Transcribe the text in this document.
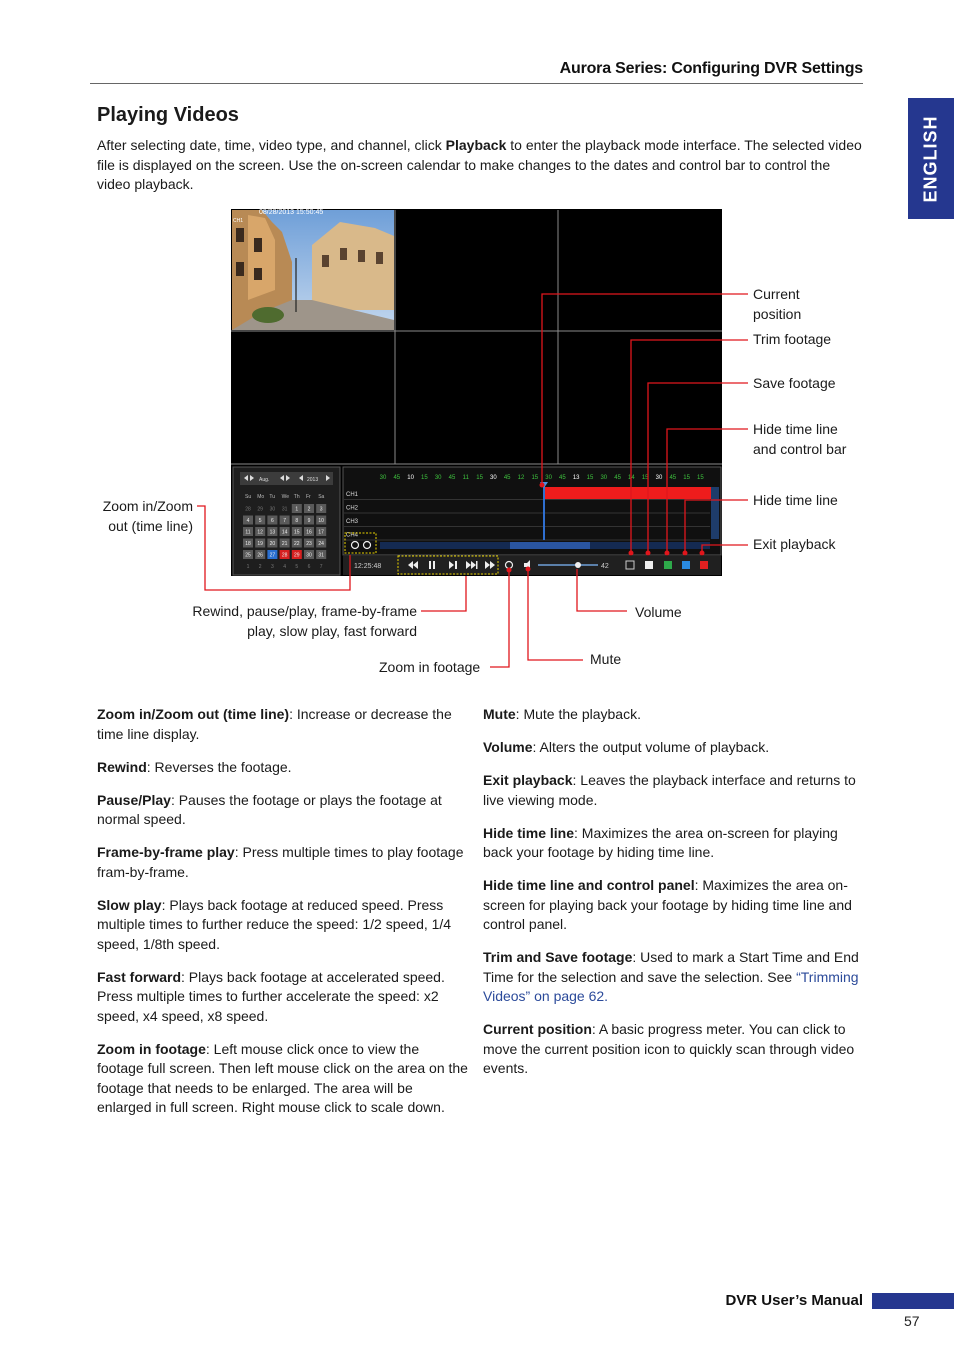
Aurora Series: Configuring DVR Settings
ENGLISH
Playing Videos
After selecting date, time, video type, and channel, click Playback to enter the playback mode interface. The selected video file is displayed on the screen. Use the on-screen calendar to make changes to the dates and control bar to control the video playback.
08/28/2013 15:50:45
CH1
Aug.	2013
Su Mo Tu We Th Fr Sa
28 29 30 31 1 2 3
4 5 6 7 8 9 10
11 12 13 14 15 16 17
18 19 20 21 22 23 24
25 26 27 28 29 30 31
1 2 3 4 5 6 7
30 45 10 15 30 45 11 15 30 45 12 15 30 45 13 15 30 45 14 15 30 45 15 15
CH1
CH2
CH3
CH4
12:25:48	42
Current
position
Trim footage
Save footage
Hide time line
and control bar
Hide time line
Exit playback
Zoom in/Zoom
out (time line)
Rewind, pause/play, frame-by-frame
play, slow play, fast forward
Volume
Mute
Zoom in footage

Zoom in/Zoom out (time line): Increase or decrease the time line display.

Rewind: Reverses the footage.

Pause/Play: Pauses the footage or plays the footage at normal speed.

Frame-by-frame play: Press multiple times to play footage fram-by-frame.

Slow play: Plays back footage at reduced speed. Press multiple times to further reduce the speed: 1/2 speed, 1/4 speed, 1/8th speed.

Fast forward: Plays back footage at accelerated speed. Press multiple times to further accelerate the speed: x2 speed, x4 speed, x8 speed.

Zoom in footage: Left mouse click once to view the footage full screen. Then left mouse click on the area on the footage that needs to be enlarged. The area will be enlarged in full screen. Right mouse click to scale down.

Mute: Mute the playback.

Volume: Alters the output volume of playback.

Exit playback: Leaves the playback interface and returns to live viewing mode.

Hide time line: Maximizes the area on-screen for playing back your footage by hiding time line.

Hide time line and control panel: Maximizes the area on-screen for playing back your footage by hiding time line and control panel.

Trim and Save footage: Used to mark a Start Time and End Time for the selection and save the selection. See “Trimming Videos” on page 62.

Current position: A basic progress meter. You can click to move the current position icon to quickly scan through video events.

DVR User’s Manual
57
